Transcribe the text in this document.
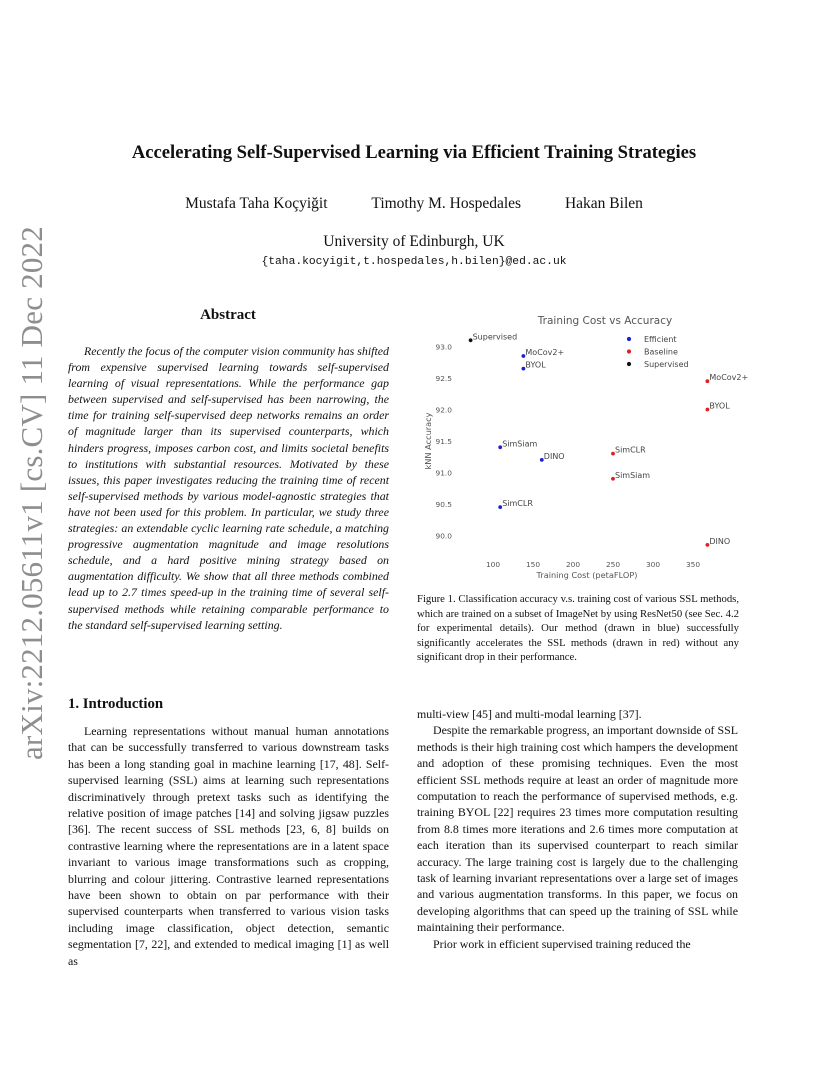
arXiv:2212.05611v1 [cs.CV] 11 Dec 2022
Accelerating Self-Supervised Learning via Efficient Training Strategies
Mustafa Taha Koçyiğit	Timothy M. Hospedales	Hakan Bilen
University of Edinburgh, UK
{taha.kocyigit,t.hospedales,h.bilen}@ed.ac.uk
Abstract

Recently the focus of the computer vision community has shifted from expensive supervised learning towards self-supervised learning of visual representations. While the performance gap between supervised and self-supervised has been narrowing, the time for training self-supervised deep networks remains an order of magnitude larger than its supervised counterparts, which hinders progress, imposes carbon cost, and limits societal benefits to institutions with substantial resources. Motivated by these issues, this paper investigates reducing the training time of recent self-supervised methods by various model-agnostic strategies that have not been used for this problem. In particular, we study three strategies: an extendable cyclic learning rate schedule, a matching progressive augmentation magnitude and image resolutions schedule, and a hard positive mining strategy based on augmentation difficulty. We show that all three methods combined lead up to 2.7 times speed-up in the training time of several self-supervised methods while retaining comparable performance to the standard self-supervised learning setting.

1. Introduction

Learning representations without manual human annotations that can be successfully transferred to various downstream tasks has been a long standing goal in machine learning [17, 48]. Self-supervised learning (SSL) aims at learning such representations discriminatively through pretext tasks such as identifying the relative position of image patches [14] and solving jigsaw puzzles [36]. The recent success of SSL methods [23, 6, 8] builds on contrastive learning where the representations are in a latent space invariant to various image transformations such as cropping, blurring and colour jittering. Contrastive learned representations have been shown to obtain on par performance with their supervised counterparts when transferred to various vision tasks including image classification, object detection, semantic segmentation [7, 22], and extended to medical imaging [1] as well as

Training Cost vs Accuracy
Training Cost (petaFLOP)
kNN Accuracy
100	150	200	250	300	350
90.0
90.5
91.0
91.5
92.0
92.5
93.0
MoCov2+
BYOL
SimSiam
DINO
SimCLR
MoCov2+
BYOL
SimCLR
SimSiam
DINO
Supervised	Efficient
Baseline
Supervised
Figure 1. Classification accuracy v.s. training cost of various SSL methods, which are trained on a subset of ImageNet by using ResNet50 (see Sec. 4.2 for experimental details). Our method (drawn in blue) successfully significantly accelerates the SSL methods (drawn in red) without any significant drop in their performance.

multi-view [45] and multi-modal learning [37].

Despite the remarkable progress, an important downside of SSL methods is their high training cost which hampers the development and adoption of these promising techniques. Even the most efficient SSL methods require at least an order of magnitude more computation to reach the performance of supervised methods, e.g. training BYOL [22] requires 23 times more computation resulting from 8.8 times more iterations and 2.6 times more computation at each iteration than its supervised counterpart to reach similar accuracy. The large training cost is largely due to the challenging task of learning invariant representations over a large set of images and various augmentation transforms. In this paper, we focus on developing algorithms that can speed up the training of SSL while maintaining their performance.

Prior work in efficient supervised training reduced the
